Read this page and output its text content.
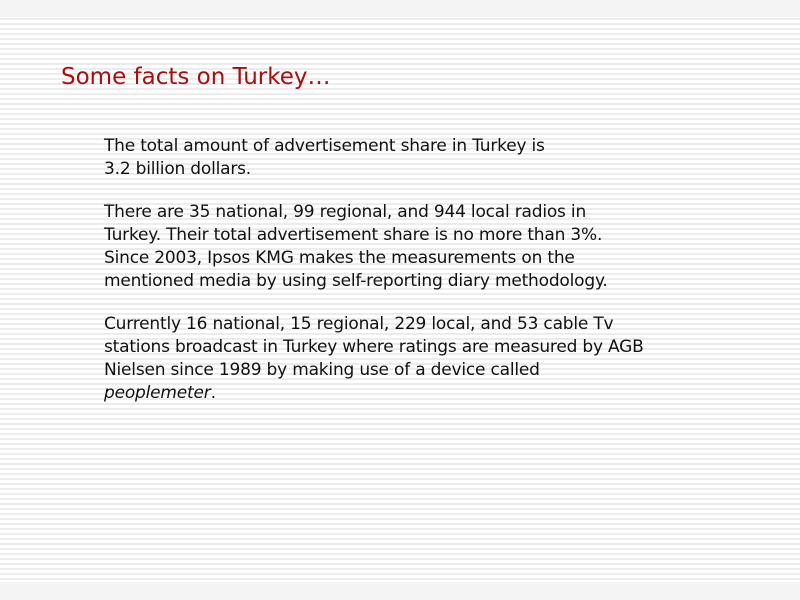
Some facts on Turkey…

The total amount of advertisement share in Turkey is
3.2 billion dollars.

There are 35 national, 99 regional, and 944 local radios in
Turkey. Their total advertisement share is no more than 3%.
Since 2003, Ipsos KMG makes the measurements on the
mentioned media by using self-reporting diary methodology.

Currently 16 national, 15 regional, 229 local, and 53 cable Tv
stations broadcast in Turkey where ratings are measured by AGB
Nielsen since 1989 by making use of a device called
peoplemeter.
